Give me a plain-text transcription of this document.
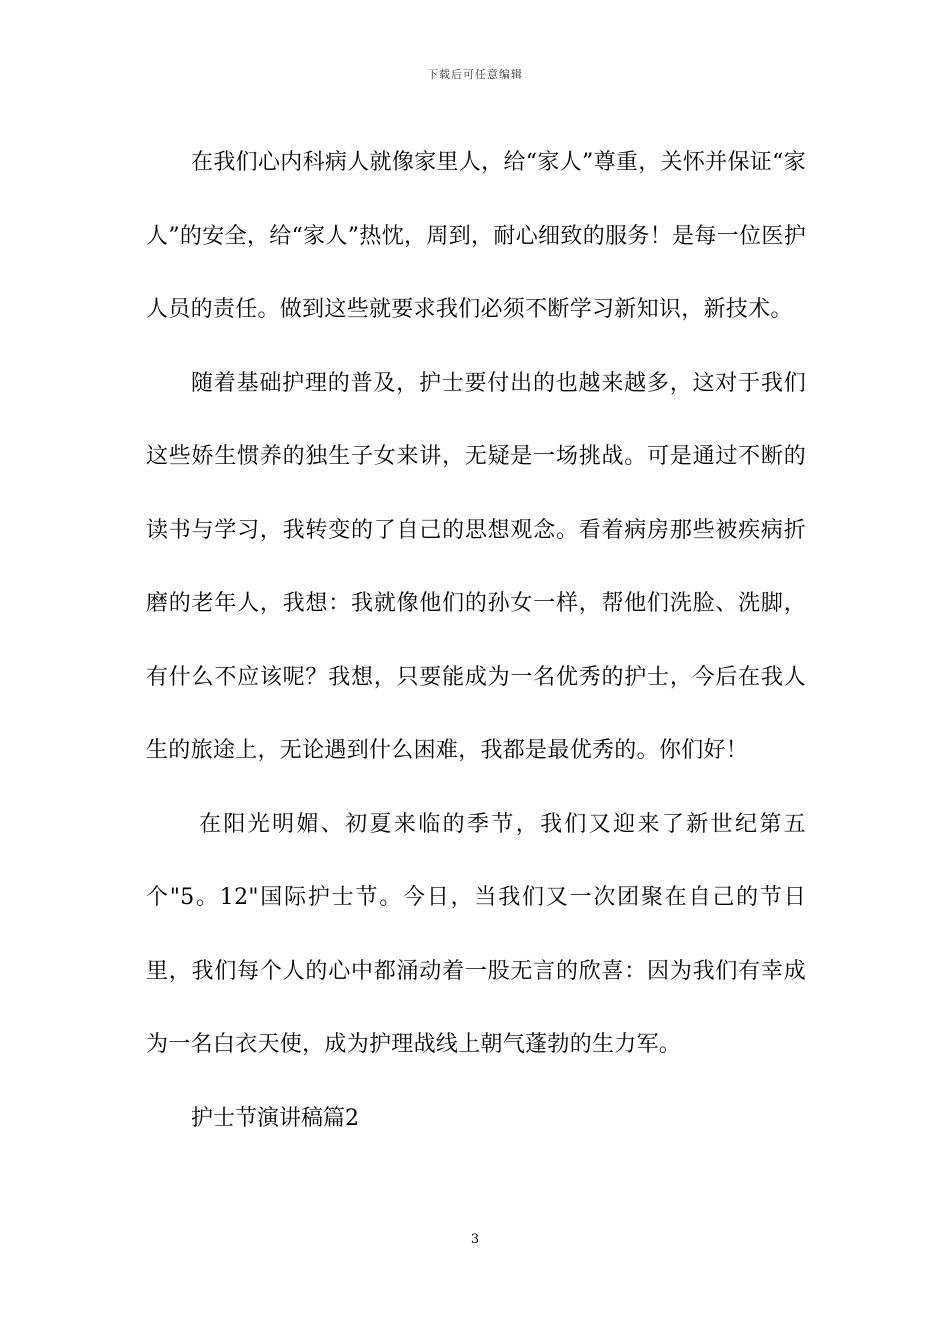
下载后可任意编辑

在我们心内科病人就像家里人，给“家人”尊重，关怀并保证“家人”的安全，给“家人”热忱，周到，耐心细致的服务！是每一位医护人员的责任。做到这些就要求我们必须不断学习新知识，新技术。

随着基础护理的普及，护士要付出的也越来越多，这对于我们这些娇生惯养的独生子女来讲，无疑是一场挑战。可是通过不断的读书与学习，我转变的了自己的思想观念。看着病房那些被疾病折磨的老年人，我想：我就像他们的孙女一样，帮他们洗脸、洗脚，有什么不应该呢？我想，只要能成为一名优秀的护士，今后在我人生的旅途上，无论遇到什么困难，我都是最优秀的。你们好！

在阳光明媚、初夏来临的季节，我们又迎来了新世纪第五个"5。12"国际护士节。今日，当我们又一次团聚在自己的节日里，我们每个人的心中都涌动着一股无言的欣喜：因为我们有幸成为一名白衣天使，成为护理战线上朝气蓬勃的生力军。

护士节演讲稿篇2

3
